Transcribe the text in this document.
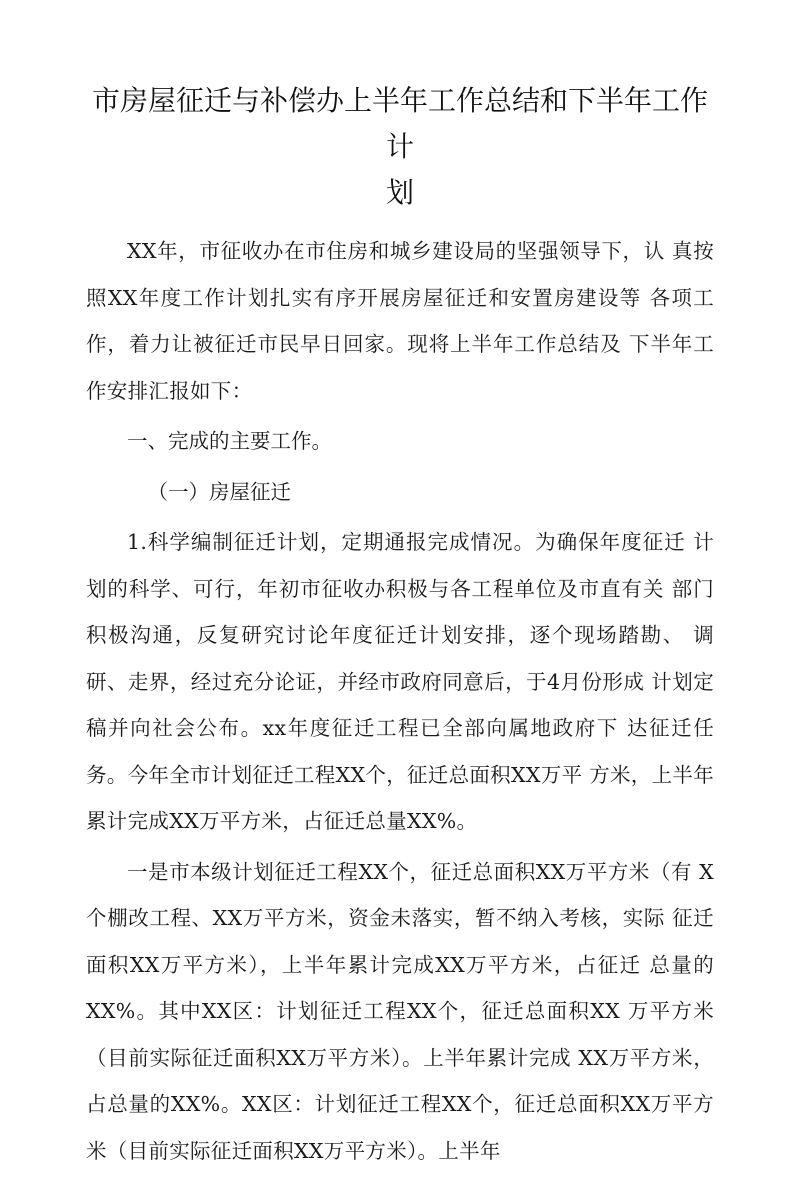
市房屋征迁与补偿办上半年工作总结和下半年工作计
划

XX年，市征收办在市住房和城乡建设局的坚强领导下，认 真按照XX年度工作计划扎实有序开展房屋征迁和安置房建设等 各项工作，着力让被征迁市民早日回家。现将上半年工作总结及 下半年工作安排汇报如下：

一、完成的主要工作。

（一）房屋征迁

1.科学编制征迁计划，定期通报完成情况。为确保年度征迁 计划的科学、可行，年初市征收办积极与各工程单位及市直有关 部门积极沟通，反复研究讨论年度征迁计划安排，逐个现场踏勘、 调研、走界，经过充分论证，并经市政府同意后，于4月份形成 计划定稿并向社会公布。xx年度征迁工程已全部向属地政府下 达征迁任务。今年全市计划征迁工程XX个，征迁总面积XX万平 方米，上半年累计完成XX万平方米，占征迁总量XX%。

一是市本级计划征迁工程XX个，征迁总面积XX万平方米（有 X个棚改工程、XX万平方米，资金未落实，暂不纳入考核，实际 征迁面积XX万平方米），上半年累计完成XX万平方米，占征迁 总量的XX%。其中XX区：计划征迁工程XX个，征迁总面积XX 万平方米（目前实际征迁面积XX万平方米）。上半年累计完成 XX万平方米，占总量的XX%。XX区：计划征迁工程XX个，征迁总面积XX万平方米（目前实际征迁面积XX万平方米）。上半年
